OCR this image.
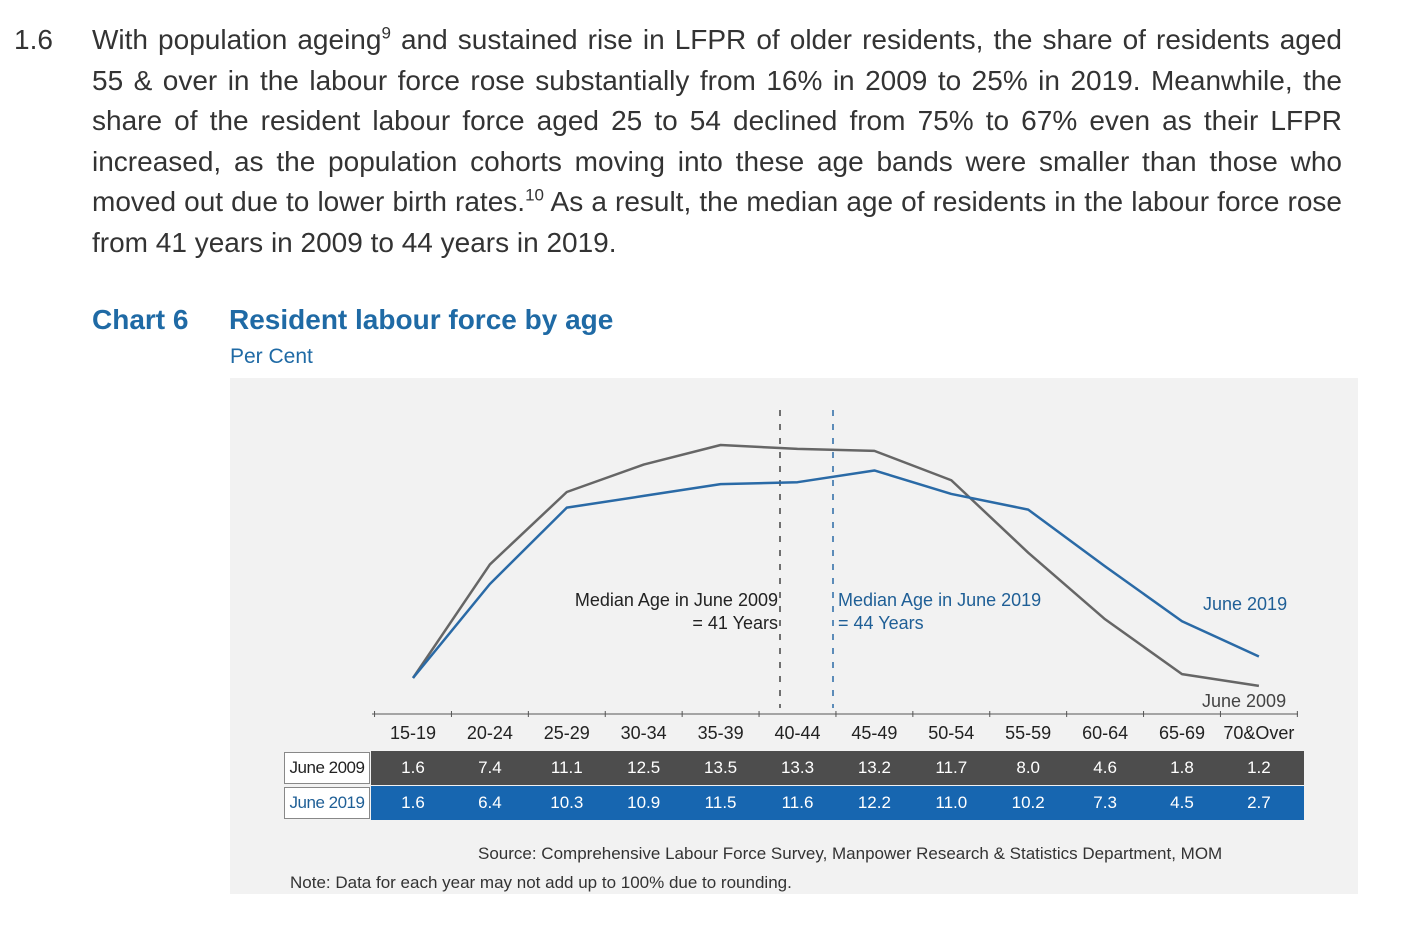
1.6 With population ageing$^9$ and sustained rise in LFPR of older residents, the share of residents aged 55 & over in the labour force rose substantially from 16% in 2009 to 25% in 2019. Meanwhile, the share of the resident labour force aged 25 to 54 declined from 75% to 67% even as their LFPR increased, as the population cohorts moving into these age bands were smaller than those who moved out due to lower birth rates.$^{10}$ As a result, the median age of residents in the labour force rose from 41 years in 2009 to 44 years in 2019.
Chart 6 Resident labour force by age
Per Cent
Median Age in June 2009
= 41 Years
Median Age in June 2019
= 44 Years
June 2019
June 2009
15-19	20-24	25-29	30-34	35-39	40-44	45-49	50-54	55-59	60-64	65-69	70&Over
June 2009	1.6	7.4	11.1	12.5	13.5	13.3	13.2	11.7	8.0	4.6	1.8	1.2
June 2019	1.6	6.4	10.3	10.9	11.5	11.6	12.2	11.0	10.2	7.3	4.5	2.7
Source: Comprehensive Labour Force Survey, Manpower Research & Statistics Department, MOM
Note: Data for each year may not add up to 100% due to rounding.
